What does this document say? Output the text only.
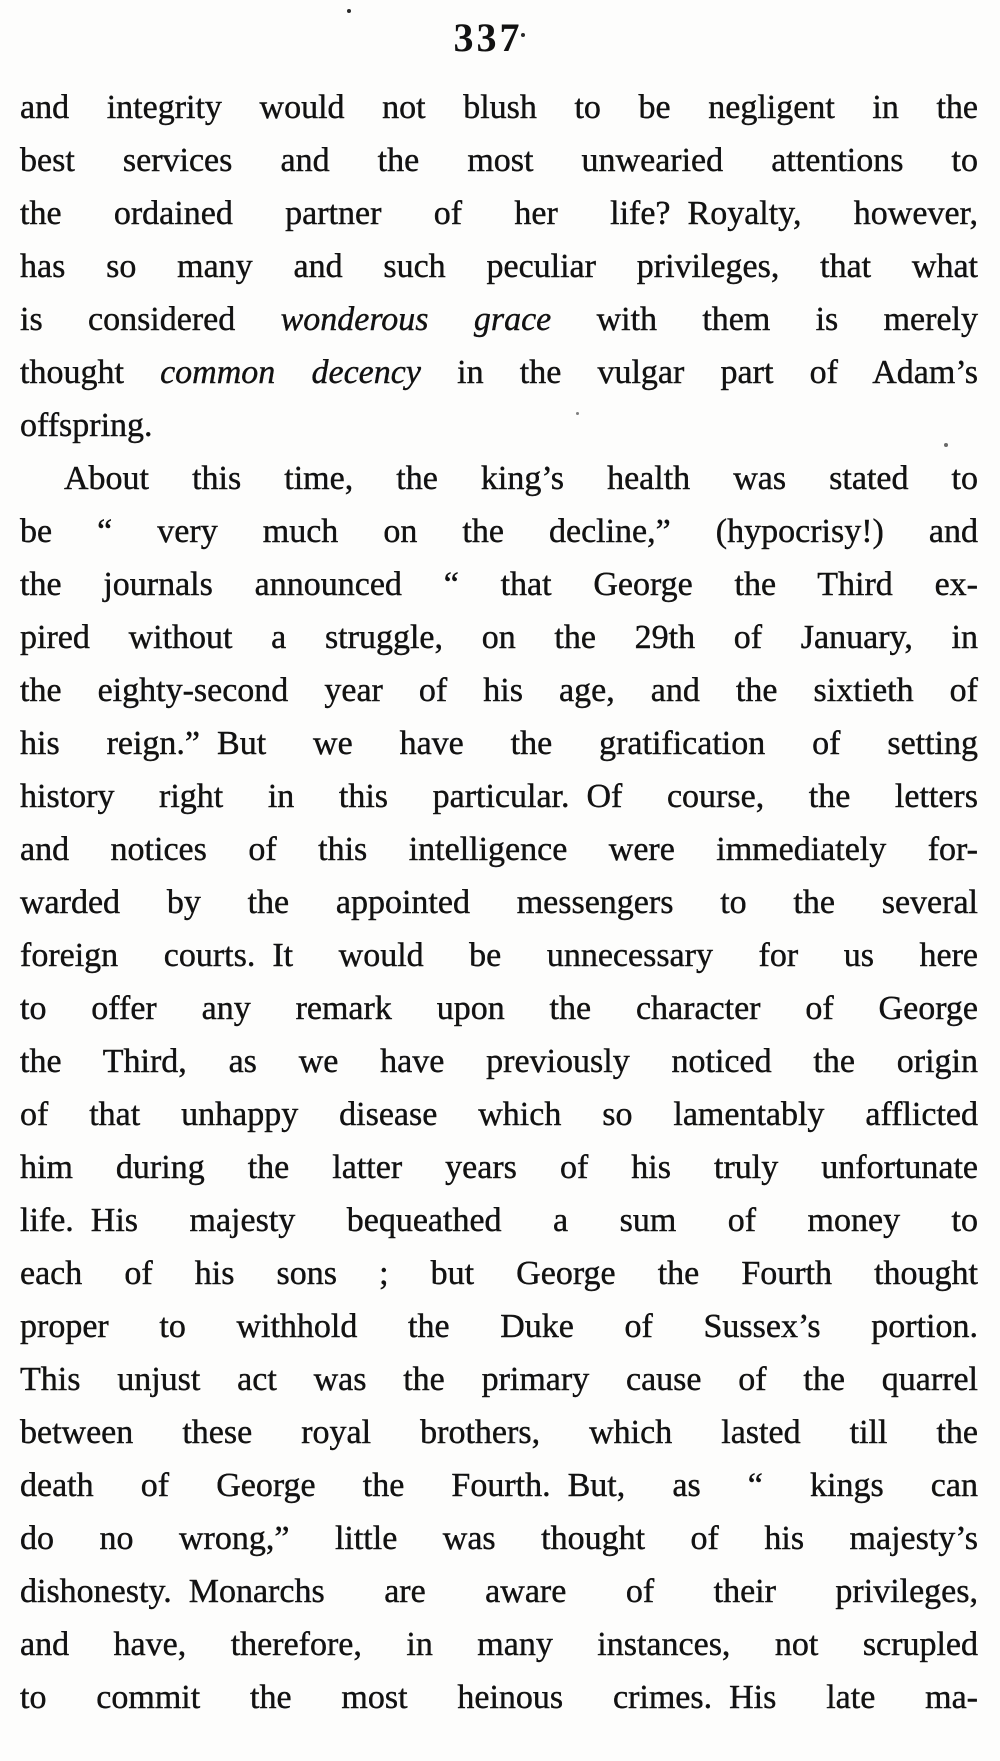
337
and integrity would not blush to be negligent in the
best services and the most unwearied attentions to
the ordained partner of her life? Royalty, however,
has so many and such peculiar privileges, that what
is considered wonderous grace with them is merely
thought common decency in the vulgar part of Adam’s
offspring.
About this time, the king’s health was stated to
be “ very much on the decline,” (hypocrisy!) and
the journals announced “ that George the Third ex-
pired without a struggle, on the 29th of January, in
the eighty-second year of his age, and the sixtieth of
his reign.” But we have the gratification of setting
history right in this particular. Of course, the letters
and notices of this intelligence were immediately for-
warded by the appointed messengers to the several
foreign courts. It would be unnecessary for us here
to offer any remark upon the character of George
the Third, as we have previously noticed the origin
of that unhappy disease which so lamentably afflicted
him during the latter years of his truly unfortunate
life. His majesty bequeathed a sum of money to
each of his sons ; but George the Fourth thought
proper to withhold the Duke of Sussex’s portion.
This unjust act was the primary cause of the quarrel
between these royal brothers, which lasted till the
death of George the Fourth. But, as “ kings can
do no wrong,” little was thought of his majesty’s
dishonesty. Monarchs are aware of their privileges,
and have, therefore, in many instances, not scrupled
to commit the most heinous crimes. His late ma-
